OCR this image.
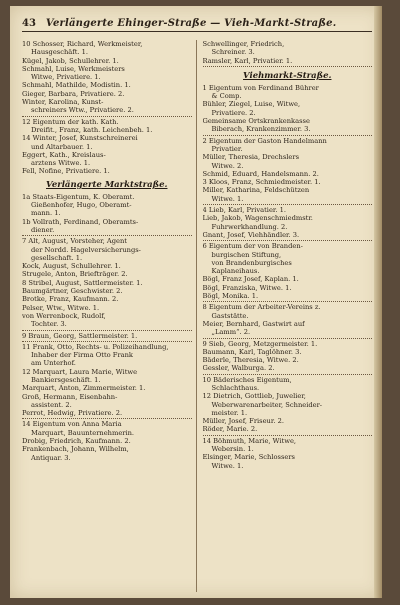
43 Verlängerte Ehinger-Straße — Vieh-Markt-Straße.
10 Schosser, Richard, Werkmeister,
Hausgeschäft. 1.
Kügel, Jakob, Schullehrer. 1.
Schmahl, Luise, Werkmeisters
Witwe, Privatiere. 1.
Schmahl, Mathilde, Modistin. 1.
Gieger, Barbara, Privatiere. 2.
Winter, Karolina, Kunst-
schreiners Wtw., Privatiere. 2.
12 Eigentum der kath. Kath.
Dreifit., Franz, kath. Leichenbeh. 1.
14 Winter, Josef, Kunstschreinerei
und Altarbauer. 1.
Eggert, Kath., Kreislaus-
arztens Witwe. 1.
Fell, Nofine, Privatiere. 1.
Verlängerte Marktstraße.
1a Staats-Eigentum, K. Oberamt.
Gießenhofer, Hugo, Oberamt-
mann. 1.
1b Vollrath, Ferdinand, Oberamts-
diener.
7 Alt, August, Vorsteher, Agent
der Nordd. Hagelversicherungs-
gesellschaft. 1.
Kock, August, Schullehrer. 1.
Strugele, Anton, Briefträger. 2.
8 Stribel, August, Sattlermeister. 1.
Baumgärtner, Geschwister. 2.
Brotke, Franz, Kaufmann. 2.
Pelser, Wtw., Witwe. 1.
von Werrenbock, Rudolf,
Tochter. 3.
9 Braun, Georg, Sattlermeister. 1.
11 Frank, Otto, Rechts- u. Polizeihandlung,
Inhaber der Firma Otto Frank
am Unterhof.
12 Marquart, Laura Marie, Witwe
Bankiersgeschäft. 1.
Marquart, Anton, Zimmermeister. 1.
Groß, Hermann, Eisenbahn-
assistent. 2.
Perrot, Hedwig, Privatiere. 2.
14 Eigentum von Anna Maria
Marquart, Bauunternehmerin.
Drobig, Friedrich, Kaufmann. 2.
Frankenbach, Johann, Wilhelm,
Antiquar. 3.
Schwellinger, Friedrich,
Schreiner. 3.
Ramsler, Karl, Privatier. 1.
Viehmarkt-Straße.
1 Eigentum von Ferdinand Bührer
& Comp.
Bühler, Ziegel, Luise, Witwe,
Privatiere. 2.
Gemeinsame Ortskrankenkasse
Biberach, Krankenzimmer. 3.
2 Eigentum der Gaston Handelmann
Privatier.
Müller, Theresia, Drechslers
Witwe. 2.
Schmid, Eduard, Handelsmann. 2.
3 Kloos, Franz, Schmiedmeister. 1.
Miller, Katharina, Feldschützen
Witwe. 1.
4 Lieb, Karl, Privatier. 1.
Lieb, Jakob, Wagenschmiedmstr.
Fuhrwerkhandlung. 2.
Gnant, Josef, Viehhändler. 3.
6 Eigentum der von Branden-
burgischen Stiftung,
von Brandenburgisches
Kaplaneihaus.
Bögl, Franz Josef, Kaplan. 1.
Bögl, Franziska, Witwe. 1.
Bögl, Monika. 1.
8 Eigentum der Arbeiter-Vereins z.
Gaststätte.
Meier, Bernhard, Gastwirt auf
„Lamm“. 2.
9 Sieb, Georg, Metzgermeister. 1.
Baumann, Karl, Taglöhner. 3.
Bäderle, Theresia, Witwe. 2.
Gessler, Walburga. 2.
10 Bäderisches Eigentum,
Schlachthaus.
12 Dietrich, Gottlieb, Juwelier,
Weberwarenarbeiter, Schneider-
meister. 1.
Müller, Josef, Friseur. 2.
Röder, Marie. 2.
14 Böhmuth, Marie, Witwe,
Webersin. 1.
Elsinger, Marie, Schlossers
Witwe. 1.
